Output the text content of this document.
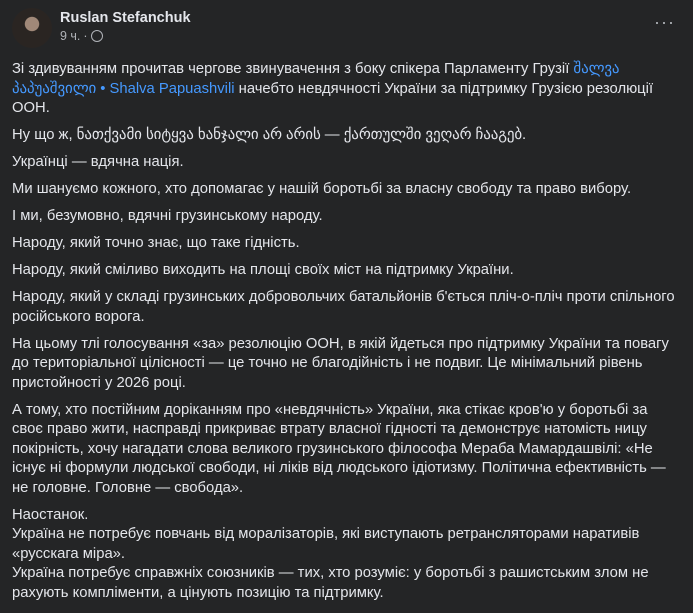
Ruslan Stefanchuk
9 ч. ·
···

Зі здивуванням прочитав чергове звинувачення з боку спікера Парламенту Грузії შალვა პაპუაშვილი • Shalva Papuashvili начебто невдячності України за підтримку Грузією резолюції ООН.

Ну що ж, ნათქვამი სიტყვა ხანჯალი არ არის — ქართულში ვეღარ ჩააგებ.

Українці — вдячна нація.

Ми шануємо кожного, хто допомагає у нашій боротьбі за власну свободу та право вибору.

І ми, безумовно, вдячні грузинському народу.

Народу, який точно знає, що таке гідність.

Народу, який сміливо виходить на площі своїх міст на підтримку України.

Народу, який у складі грузинських добровольчих батальйонів б'ється пліч-о-пліч проти спільного російського ворога.

На цьому тлі голосування «за» резолюцію ООН, в якій йдеться про підтримку України та повагу до територіальної цілісності — це точно не благодійність і не подвиг. Це мінімальний рівень пристойності у 2026 році.

А тому, хто постійним доріканням про «невдячність» України, яка стікає кров'ю у боротьбі за своє право жити, насправді прикриває втрату власної гідності та демонструє натомість ницу покірність, хочу нагадати слова великого грузинського філософа Мераба Мамардашвілі: «Не існує ні формули людської свободи, ні ліків від людського ідіотизму. Політична ефективність — не головне. Головне — свобода».

Наостанок.
Україна не потребує повчань від моралізаторів, які виступають ретрансляторами наративів «русскага міра».
Україна потребує справжніх союзників — тих, хто розуміє: у боротьбі з рашистським злом не рахують компліменти, а цінують позицію та підтримку.
